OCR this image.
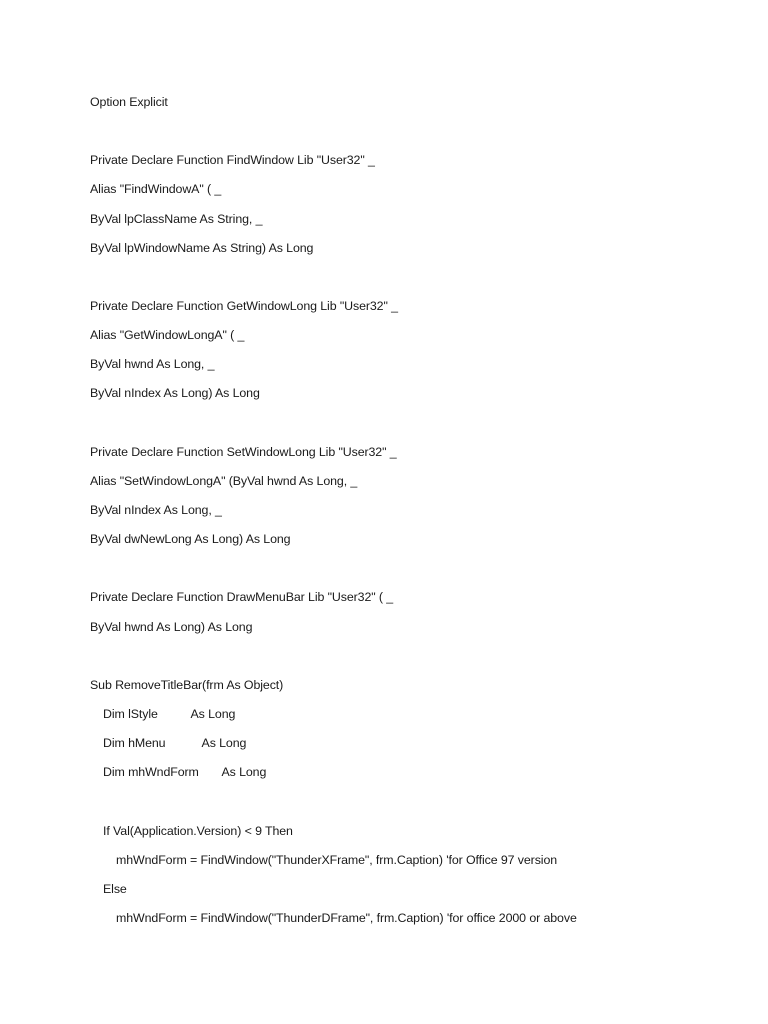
Option Explicit
Private Declare Function FindWindow Lib "User32" _
Alias "FindWindowA" ( _
ByVal lpClassName As String, _
ByVal lpWindowName As String) As Long
Private Declare Function GetWindowLong Lib "User32" _
Alias "GetWindowLongA" ( _
ByVal hwnd As Long, _
ByVal nIndex As Long) As Long
Private Declare Function SetWindowLong Lib "User32" _
Alias "SetWindowLongA" (ByVal hwnd As Long, _
ByVal nIndex As Long, _
ByVal dwNewLong As Long) As Long
Private Declare Function DrawMenuBar Lib "User32" ( _
ByVal hwnd As Long) As Long
Sub RemoveTitleBar(frm As Object)
Dim lStyle          As Long
Dim hMenu           As Long
Dim mhWndForm       As Long
If Val(Application.Version) < 9 Then
mhWndForm = FindWindow("ThunderXFrame", frm.Caption) 'for Office 97 version
Else
mhWndForm = FindWindow("ThunderDFrame", frm.Caption) 'for office 2000 or above
